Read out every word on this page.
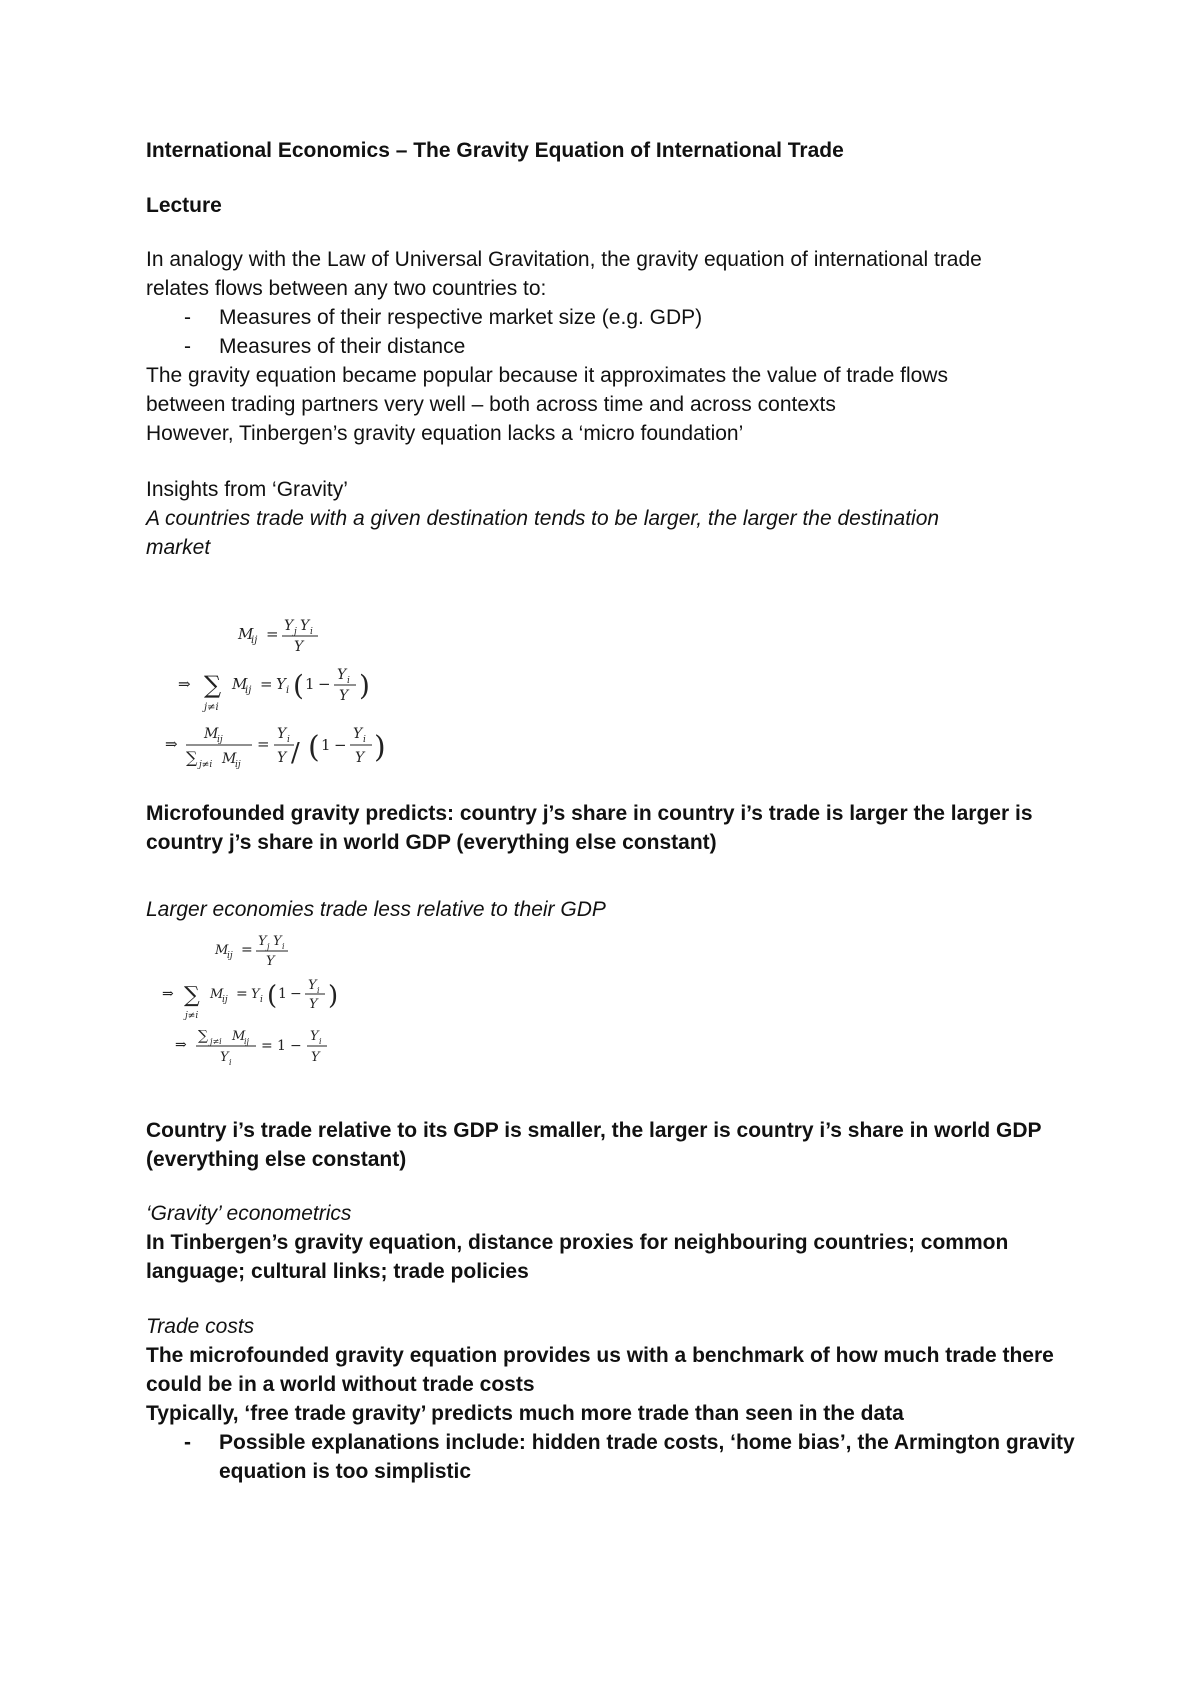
International Economics – The Gravity Equation of International Trade
Lecture

In analogy with the Law of Universal Gravitation, the gravity equation of international trade

relates flows between any two countries to:

- Measures of their respective market size (e.g. GDP)
- Measures of their distance

The gravity equation became popular because it approximates the value of trade flows

between trading partners very well – both across time and across contexts

However, Tinbergen’s gravity equation lacks a ‘micro foundation’

Insights from ‘Gravity’

A countries trade with a given destination tends to be larger, the larger the destination

market

M
ij = Y j Y i
Y
⇒ ∑
j≠i
M
ij = Y i ( 1 − Y i
Y )
⇒
M
ij
∑ j≠i M
ij
=
Y i
Y / ( 1 −
Y i
Y )

Microfounded gravity predicts: country j’s share in country i’s trade is larger the larger is

country j’s share in world GDP (everything else constant)

Larger economies trade less relative to their GDP
M
ij =
Y j Y i
Y
⇒ ∑
j≠i
M
ij = Y i ( 1 −
Y i
Y )
⇒
∑ j≠i M
ij
Y i
= 1 −
Y i
Y

Country i’s trade relative to its GDP is smaller, the larger is country i’s share in world GDP

(everything else constant)

‘Gravity’ econometrics

In Tinbergen’s gravity equation, distance proxies for neighbouring countries; common

language; cultural links; trade policies

Trade costs

The microfounded gravity equation provides us with a benchmark of how much trade there

could be in a world without trade costs

Typically, ‘free trade gravity’ predicts much more trade than seen in the data

- Possible explanations include: hidden trade costs, ‘home bias’, the Armington gravity
equation is too simplistic
